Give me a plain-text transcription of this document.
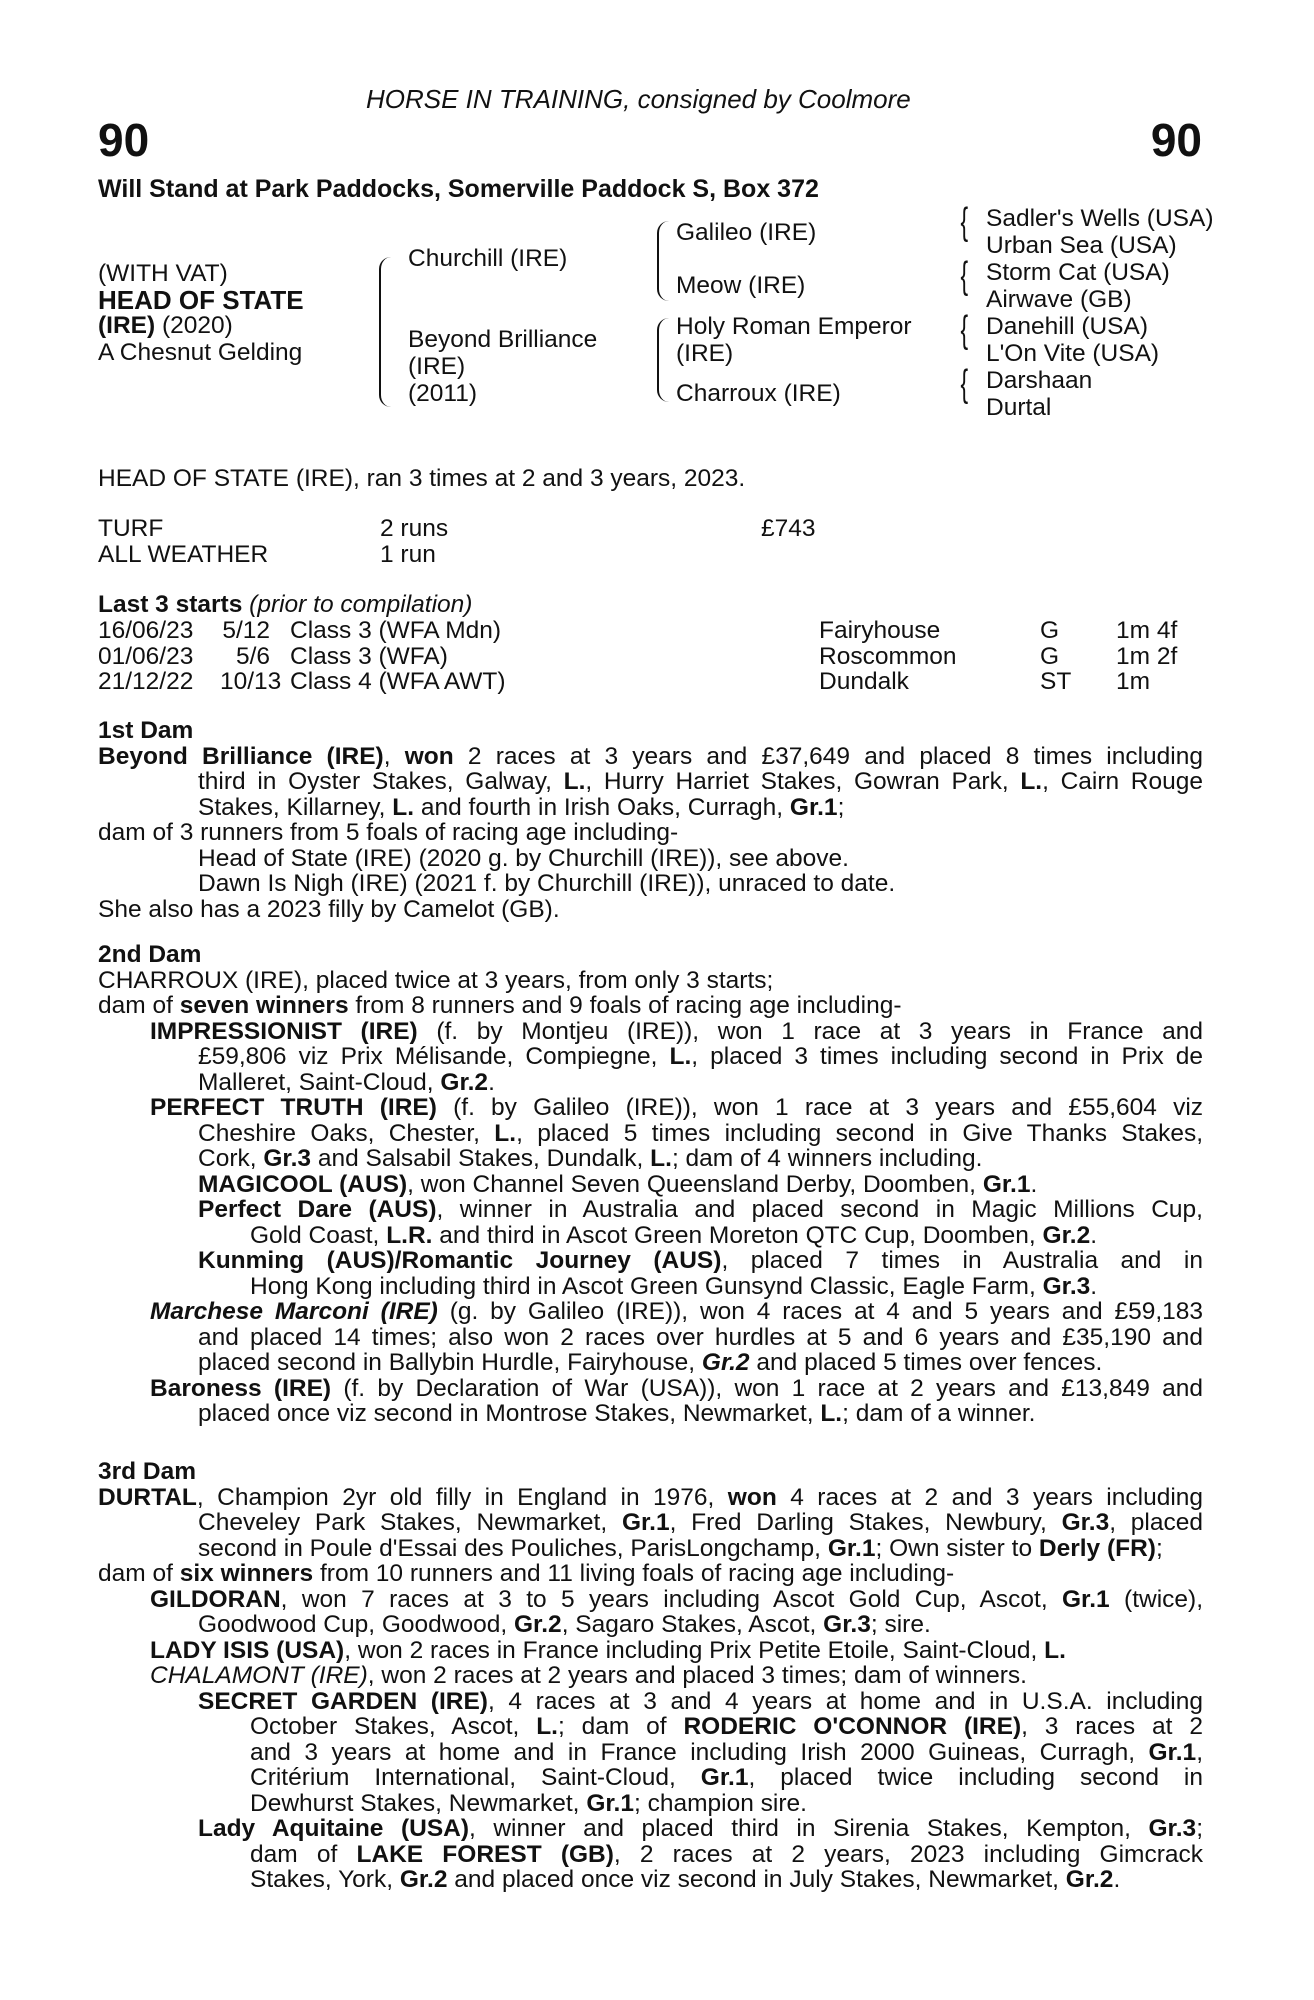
HORSE IN TRAINING, consigned by Coolmore
90	90
Will Stand at Park Paddocks, Somerville Paddock S, Box 372
(WITH VAT)
HEAD OF STATE
(IRE) (2020)
A Chesnut Gelding
Churchill (IRE)
Beyond Brilliance
(IRE)
(2011)
Galileo (IRE)
Meow (IRE)
Holy Roman Emperor
(IRE)
Charroux (IRE)
{
{
{
{
Sadler's Wells (USA)
Urban Sea (USA)
Storm Cat (USA)
Airwave (GB)
Danehill (USA)
L'On Vite (USA)
Darshaan
Durtal
HEAD OF STATE (IRE), ran 3 times at 2 and 3 years, 2023.
TURF	2 runs	£743
ALL WEATHER	1 run
Last 3 starts (prior to compilation)
16/06/23 5/12 Class 3 (WFA Mdn)	Fairyhouse	G 1m 4f
01/06/23	5/6 Class 3 (WFA)	Roscommon	G 1m 2f
21/12/22 10/13 Class 4 (WFA AWT)	Dundalk	ST 1m
1st Dam
Beyond Brilliance (IRE), won 2 races at 3 years and £37,649 and placed 8 times including
third in Oyster Stakes, Galway, L., Hurry Harriet Stakes, Gowran Park, L., Cairn Rouge
Stakes, Killarney, L. and fourth in Irish Oaks, Curragh, Gr.1;
dam of 3 runners from 5 foals of racing age including-
Head of State (IRE) (2020 g. by Churchill (IRE)), see above.
Dawn Is Nigh (IRE) (2021 f. by Churchill (IRE)), unraced to date.
She also has a 2023 filly by Camelot (GB).
2nd Dam
CHARROUX (IRE), placed twice at 3 years, from only 3 starts;
dam of seven winners from 8 runners and 9 foals of racing age including-
IMPRESSIONIST (IRE) (f. by Montjeu (IRE)), won 1 race at 3 years in France and
£59,806 viz Prix Mélisande, Compiegne, L., placed 3 times including second in Prix de
Malleret, Saint-Cloud, Gr.2.
PERFECT TRUTH (IRE) (f. by Galileo (IRE)), won 1 race at 3 years and £55,604 viz
Cheshire Oaks, Chester, L., placed 5 times including second in Give Thanks Stakes,
Cork, Gr.3 and Salsabil Stakes, Dundalk, L.; dam of 4 winners including.
MAGICOOL (AUS), won Channel Seven Queensland Derby, Doomben, Gr.1.
Perfect Dare (AUS), winner in Australia and placed second in Magic Millions Cup,
Gold Coast, L.R. and third in Ascot Green Moreton QTC Cup, Doomben, Gr.2.
Kunming (AUS)/Romantic Journey (AUS), placed 7 times in Australia and in
Hong Kong including third in Ascot Green Gunsynd Classic, Eagle Farm, Gr.3.
Marchese Marconi (IRE) (g. by Galileo (IRE)), won 4 races at 4 and 5 years and £59,183
and placed 14 times; also won 2 races over hurdles at 5 and 6 years and £35,190 and
placed second in Ballybin Hurdle, Fairyhouse, Gr.2 and placed 5 times over fences.
Baroness (IRE) (f. by Declaration of War (USA)), won 1 race at 2 years and £13,849 and
placed once viz second in Montrose Stakes, Newmarket, L.; dam of a winner.
3rd Dam
DURTAL, Champion 2yr old filly in England in 1976, won 4 races at 2 and 3 years including
Cheveley Park Stakes, Newmarket, Gr.1, Fred Darling Stakes, Newbury, Gr.3, placed
second in Poule d'Essai des Pouliches, ParisLongchamp, Gr.1; Own sister to Derly (FR);
dam of six winners from 10 runners and 11 living foals of racing age including-
GILDORAN, won 7 races at 3 to 5 years including Ascot Gold Cup, Ascot, Gr.1 (twice),
Goodwood Cup, Goodwood, Gr.2, Sagaro Stakes, Ascot, Gr.3; sire.
LADY ISIS (USA), won 2 races in France including Prix Petite Etoile, Saint-Cloud, L.
CHALAMONT (IRE), won 2 races at 2 years and placed 3 times; dam of winners.
SECRET GARDEN (IRE), 4 races at 3 and 4 years at home and in U.S.A. including
October Stakes, Ascot, L.; dam of RODERIC O'CONNOR (IRE), 3 races at 2
and 3 years at home and in France including Irish 2000 Guineas, Curragh, Gr.1,
Critérium International, Saint-Cloud, Gr.1, placed twice including second in
Dewhurst Stakes, Newmarket, Gr.1; champion sire.
Lady Aquitaine (USA), winner and placed third in Sirenia Stakes, Kempton, Gr.3;
dam of LAKE FOREST (GB), 2 races at 2 years, 2023 including Gimcrack
Stakes, York, Gr.2 and placed once viz second in July Stakes, Newmarket, Gr.2.
